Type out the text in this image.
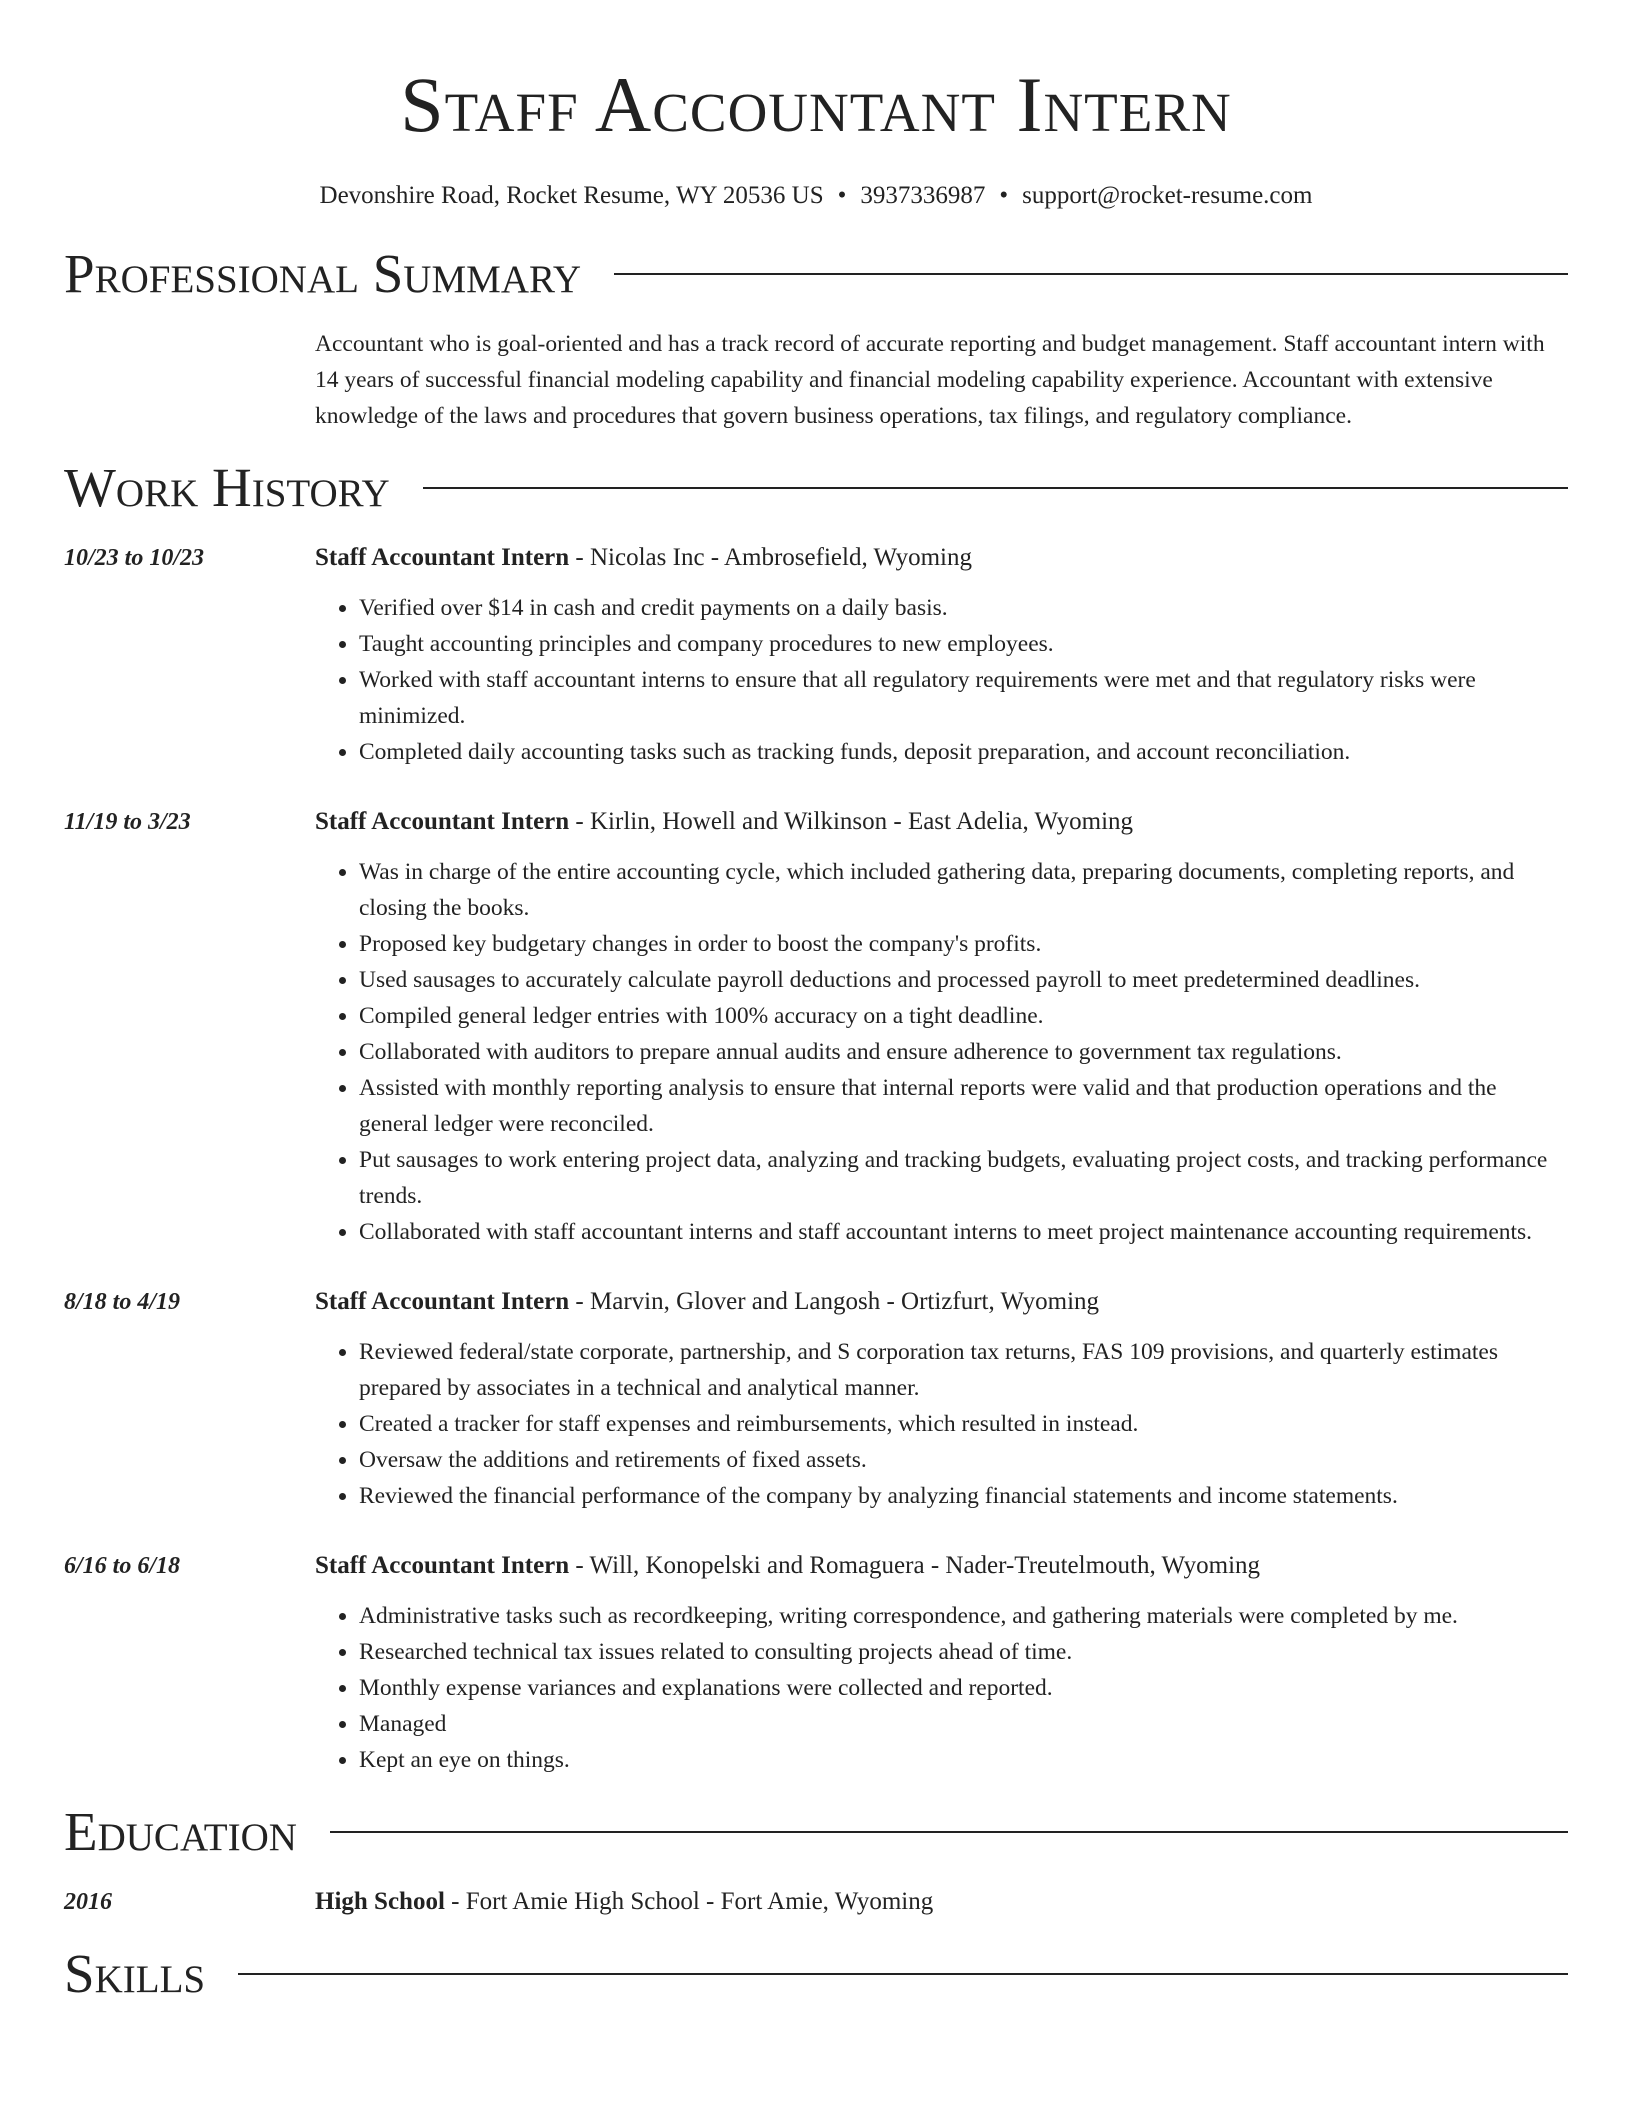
Staff Accountant Intern
Devonshire Road, Rocket Resume, WY 20536 US • 3937336987 • support@rocket-resume.com
Professional Summary
Accountant who is goal-oriented and has a track record of accurate reporting and budget management. Staff accountant intern with 14 years of successful financial modeling capability and financial modeling capability experience. Accountant with extensive knowledge of the laws and procedures that govern business operations, tax filings, and regulatory compliance.
Work History
10/23 to 10/23	Staff Accountant Intern - Nicolas Inc - Ambrosefield, Wyoming
• Verified over $14 in cash and credit payments on a daily basis.
• Taught accounting principles and company procedures to new employees.
• Worked with staff accountant interns to ensure that all regulatory requirements were met and that regulatory risks were minimized.
• Completed daily accounting tasks such as tracking funds, deposit preparation, and account reconciliation.
11/19 to 3/23	Staff Accountant Intern - Kirlin, Howell and Wilkinson - East Adelia, Wyoming
• Was in charge of the entire accounting cycle, which included gathering data, preparing documents, completing reports, and closing the books.
• Proposed key budgetary changes in order to boost the company's profits.
• Used sausages to accurately calculate payroll deductions and processed payroll to meet predetermined deadlines.
• Compiled general ledger entries with 100% accuracy on a tight deadline.
• Collaborated with auditors to prepare annual audits and ensure adherence to government tax regulations.
• Assisted with monthly reporting analysis to ensure that internal reports were valid and that production operations and the general ledger were reconciled.
• Put sausages to work entering project data, analyzing and tracking budgets, evaluating project costs, and tracking performance trends.
• Collaborated with staff accountant interns and staff accountant interns to meet project maintenance accounting requirements.
8/18 to 4/19	Staff Accountant Intern - Marvin, Glover and Langosh - Ortizfurt, Wyoming
• Reviewed federal/state corporate, partnership, and S corporation tax returns, FAS 109 provisions, and quarterly estimates prepared by associates in a technical and analytical manner.
• Created a tracker for staff expenses and reimbursements, which resulted in instead.
• Oversaw the additions and retirements of fixed assets.
• Reviewed the financial performance of the company by analyzing financial statements and income statements.
6/16 to 6/18	Staff Accountant Intern - Will, Konopelski and Romaguera - Nader-Treutelmouth, Wyoming
• Administrative tasks such as recordkeeping, writing correspondence, and gathering materials were completed by me.
• Researched technical tax issues related to consulting projects ahead of time.
• Monthly expense variances and explanations were collected and reported.
• Managed
• Kept an eye on things.
Education
2016	High School - Fort Amie High School - Fort Amie, Wyoming
Skills
